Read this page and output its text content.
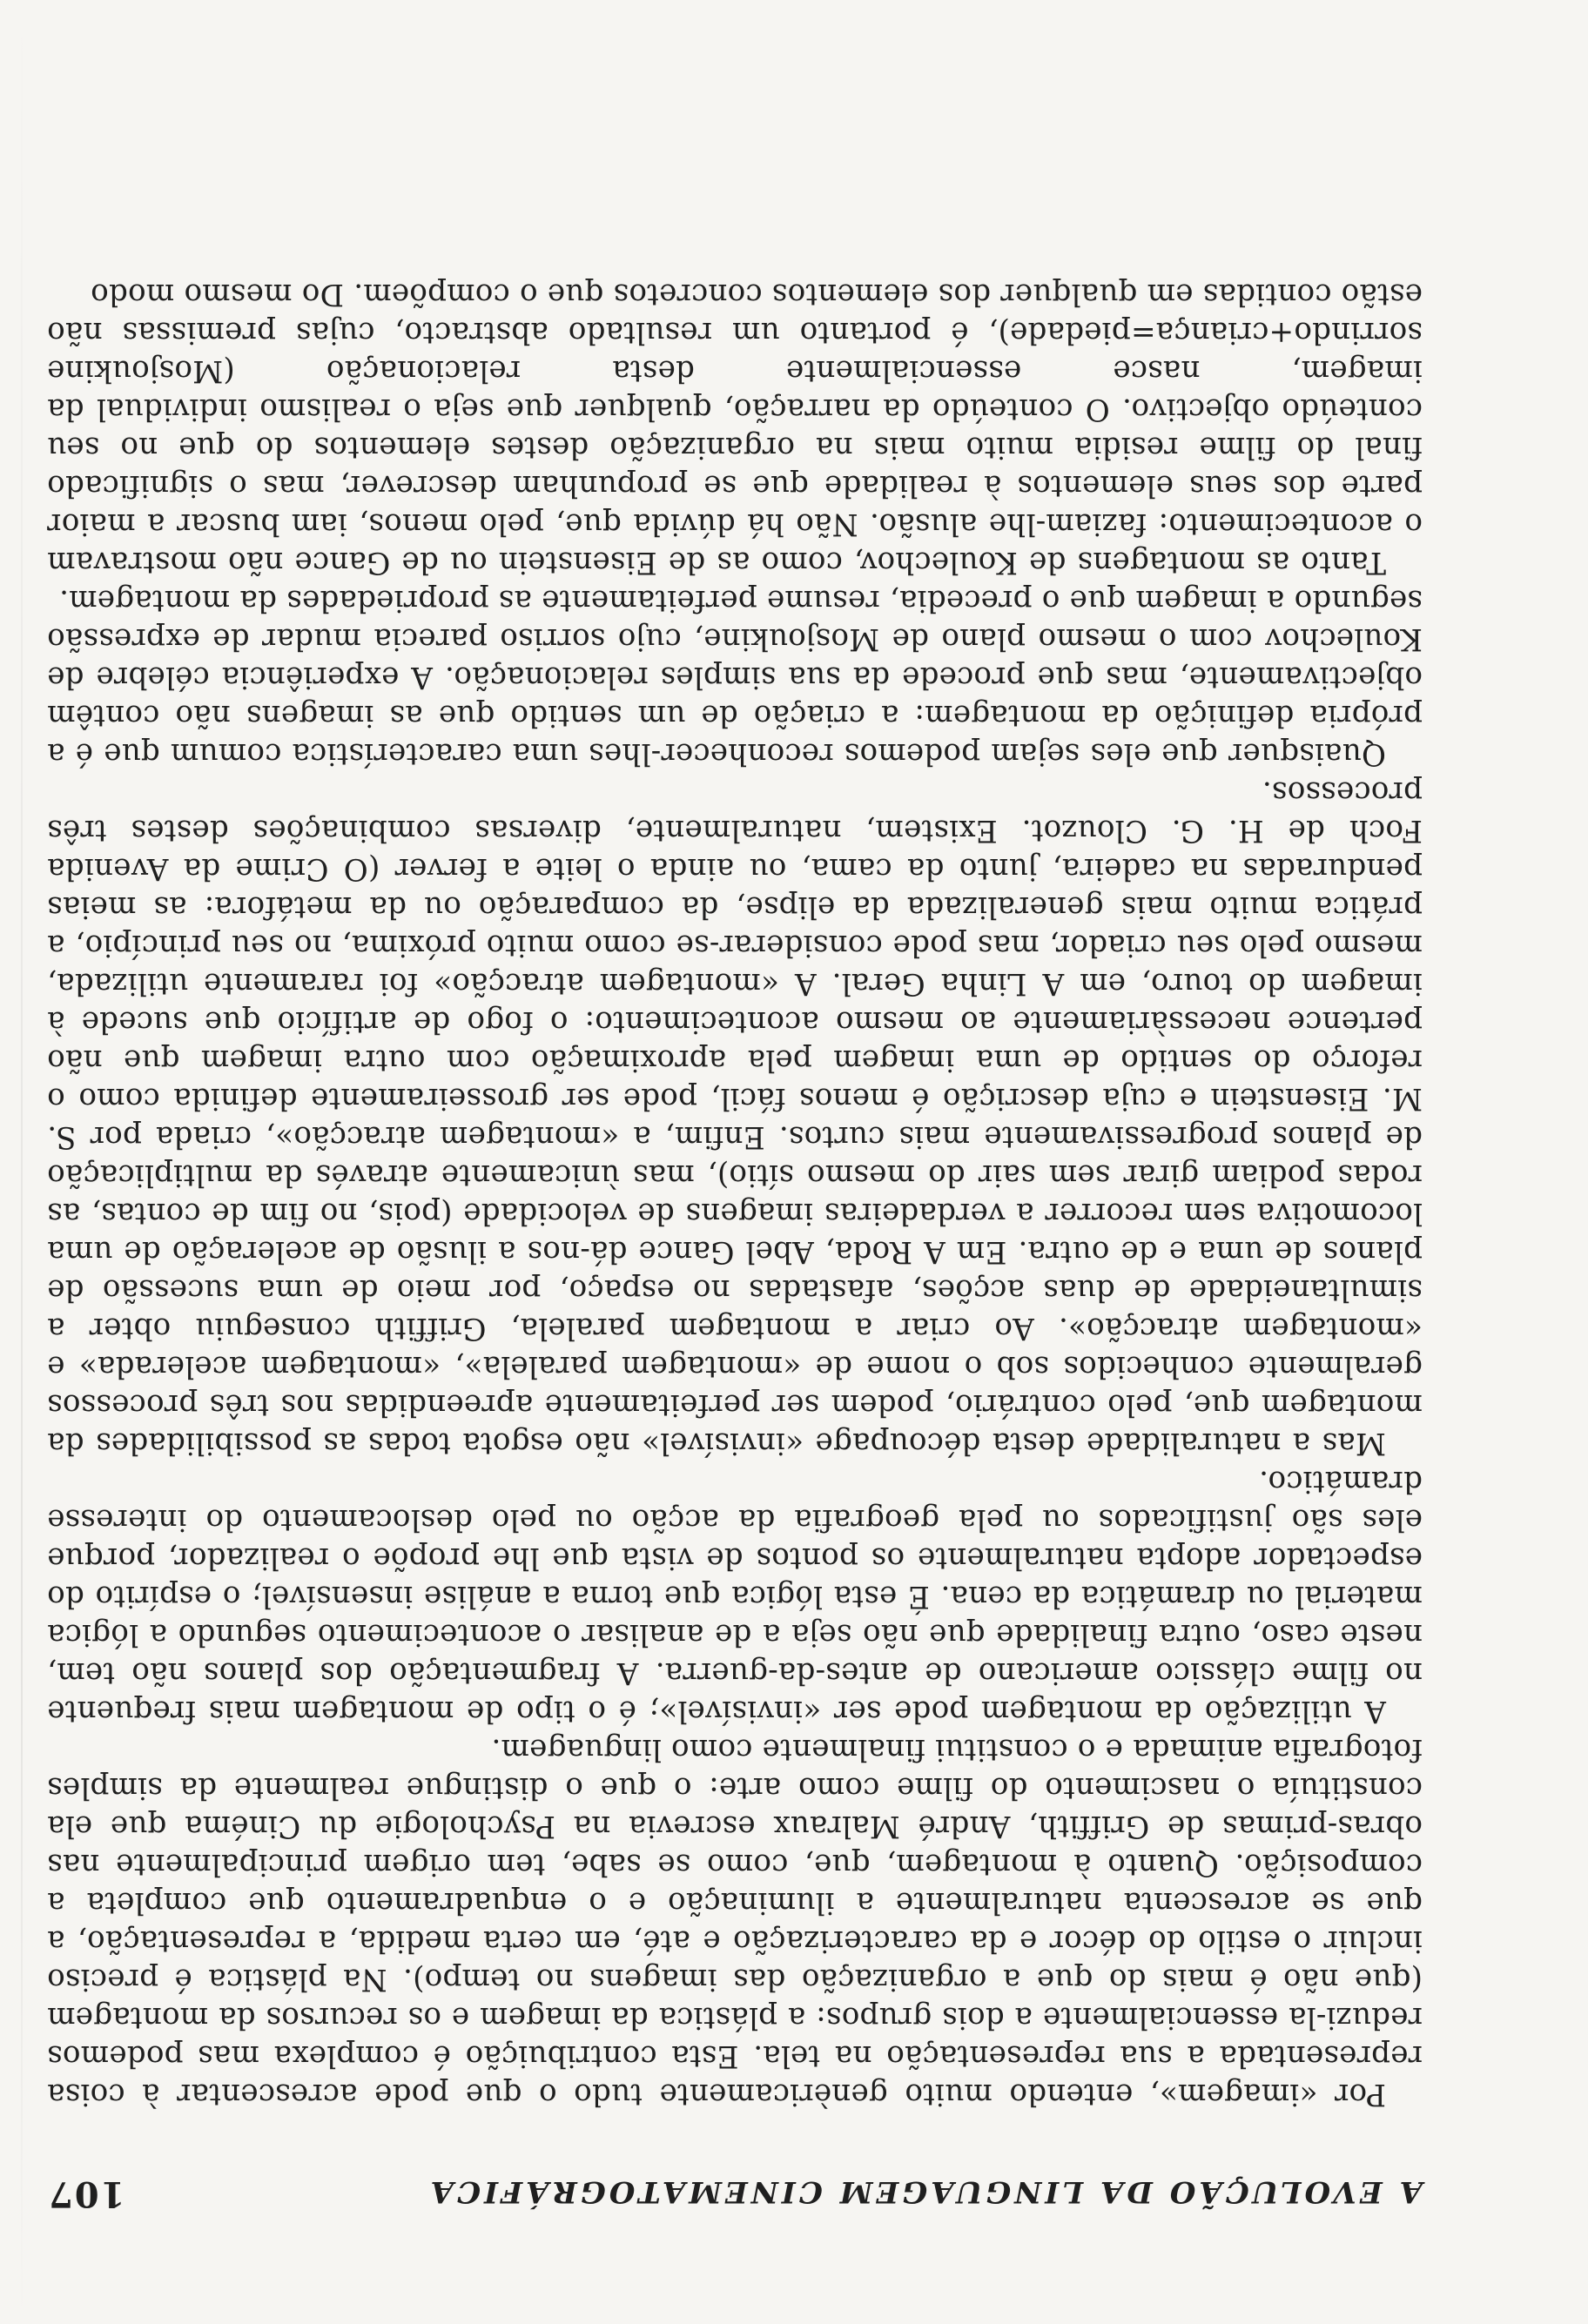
A EVOLUÇÃO DA LINGUAGEM CINEMATOGRÁFICA
107

Por «imagem», entendo muito genèricamente tudo o que pode acrescentar à coisa representada a sua representação na tela. Esta contribuição é complexa mas podemos reduzi-la essencialmente a dois grupos: a plástica da imagem e os recursos da montagem (que não é mais do que a organização das imagens no tempo). Na plástica é preciso incluir o estilo do décor e da caracterização e até, em certa medida, a representação, a que se acrescenta naturalmente a iluminação e o enquadramento que completa a composição. Quanto à montagem, que, como se sabe, tem origem principalmente nas obras-primas de Griffith, André Malraux escrevia na Psychologie du Cinéma que ela constituía o nascimento do filme como arte: o que o distingue realmente da simples fotografia animada e o constitui finalmente como linguagem.

A utilização da montagem pode ser «invisível»; é o tipo de montagem mais frequente no filme clássico americano de antes-da-guerra. A fragmentação dos planos não tem, neste caso, outra finalidade que não seja a de analisar o acontecimento segundo a lógica material ou dramática da cena. É esta lógica que torna a análise insensível; o espírito do espectador adopta naturalmente os pontos de vista que lhe propõe o realizador, porque eles são justificados ou pela geografia da acção ou pelo deslocamento do interesse dramático.

Mas a naturalidade desta découpage «invisível» não esgota todas as possibilidades da montagem que, pelo contrário, podem ser perfeitamente apreendidas nos três processos geralmente conhecidos sob o nome de «montagem paralela», «montagem acelerada» e «montagem atracção». Ao criar a montagem paralela, Griffith conseguiu obter a simultaneidade de duas acções, afastadas no espaço, por meio de uma sucessão de planos de uma e de outra. Em A Roda, Abel Gance dá-nos a ilusão de aceleração de uma locomotiva sem recorrer a verdadeiras imagens de velocidade (pois, no fim de contas, as rodas podiam girar sem sair do mesmo sítio), mas ùnicamente através da multiplicação de planos progressivamente mais curtos. Enfim, a «montagem atracção», criada por S. M. Eisenstein e cuja descrição é menos fácil, pode ser grosseiramente definida como o reforço do sentido de uma imagem pela aproximação com outra imagem que não pertence necessàriamente ao mesmo acontecimento: o fogo de artifício que sucede à imagem do touro, em A Linha Geral. A «montagem atracção» foi raramente utilizada, mesmo pelo seu criador, mas pode considerar-se como muito próxima, no seu princípio, a prática muito mais generalizada da elipse, da comparação ou da metáfora: as meias penduradas na cadeira, junto da cama, ou ainda o leite a ferver (O Crime da Avenida Foch de H. G. Clouzot. Existem, naturalmente, diversas combinações destes três processos.

Quaisquer que eles sejam podemos reconhecer-lhes uma característica comum que é a própria definição da montagem: a criação de um sentido que as imagens não contêm objectivamente, mas que procede da sua simples relacionação. A experiência célebre de Koulechov com o mesmo plano de Mosjoukine, cujo sorriso parecia mudar de expressão segundo a imagem que o precedia, resume perfeitamente as propriedades da montagem.

Tanto as montagens de Koulechov, como as de Eisenstein ou de Gance não mostravam o acontecimento: faziam-lhe alusão. Não há dúvida que, pelo menos, iam buscar a maior parte dos seus elementos à realidade que se propunham descrever, mas o significado final do filme residia muito mais na organização destes elementos do que no seu conteúdo objectivo. O conteúdo da narração, qualquer que seja o realismo individual da imagem, nasce essencialmente desta relacionação (Mosjoukine sorrindo+criança=piedade), é portanto um resultado abstracto, cujas premissas não estão contidas em qualquer dos elementos concretos que o compõem. Do mesmo modo
